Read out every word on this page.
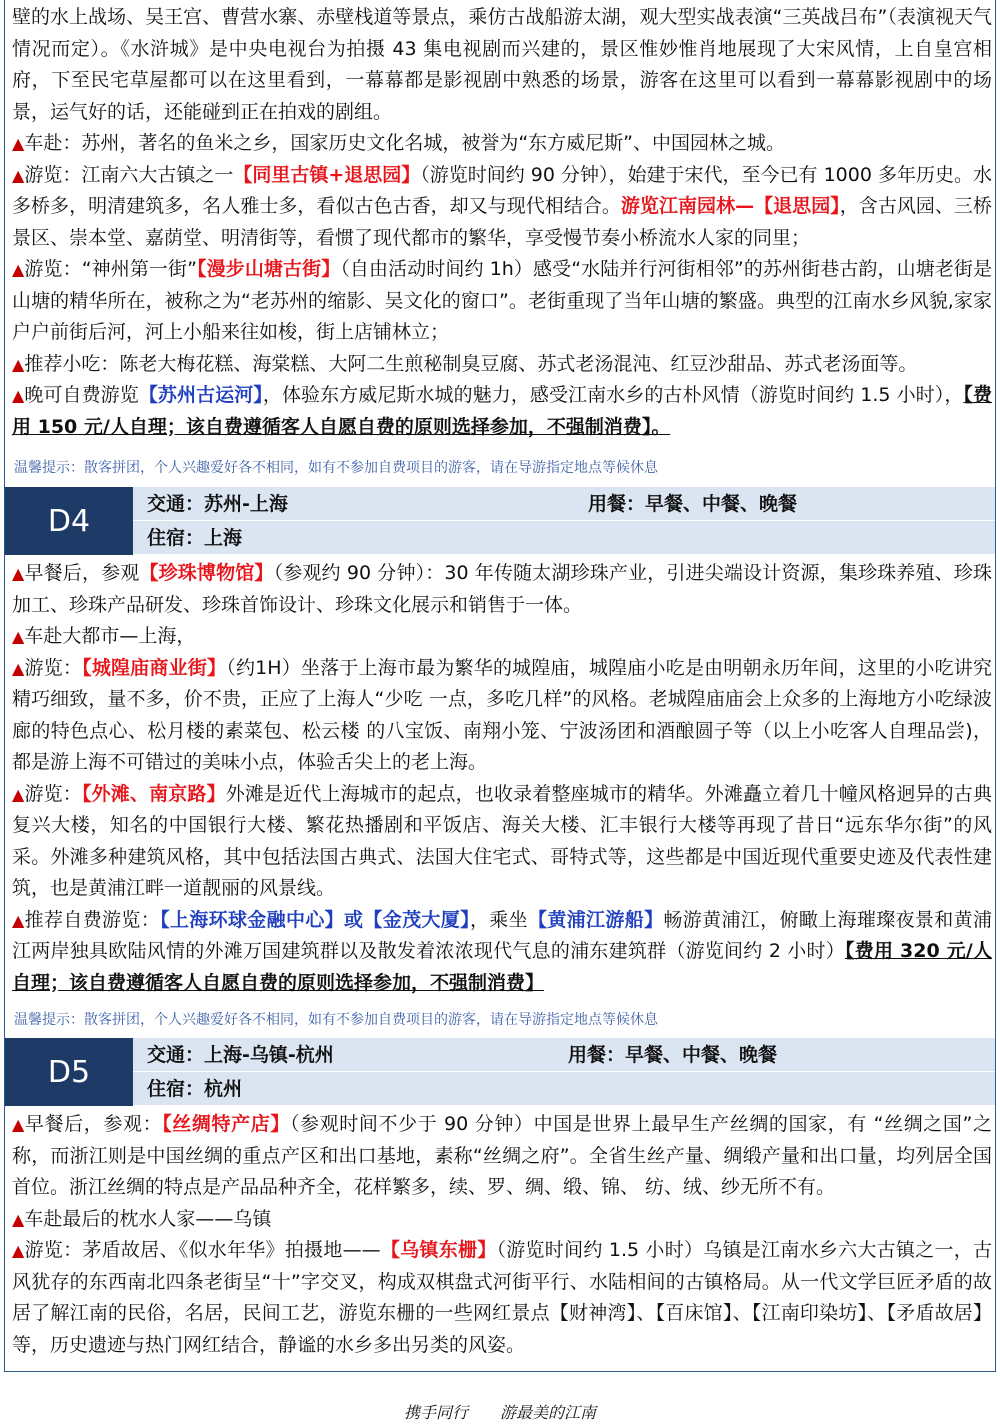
壁的水上战场、吴王宫、曹营水寨、赤壁栈道等景点，乘仿古战船游太湖，观大型实战表演“三英战吕布”（表演视天气情况而定）。《水浒城》是中央电视台为拍摄 43 集电视剧而兴建的，景区惟妙惟肖地展现了大宋风情，上自皇宫相府，下至民宅草屋都可以在这里看到，一幕幕都是影视剧中熟悉的场景，游客在这里可以看到一幕幕影视剧中的场景，运气好的话，还能碰到正在拍戏的剧组。

▲车赴：苏州，著名的鱼米之乡，国家历史文化名城，被誉为“东方威尼斯”、中国园林之城。

▲游览：江南六大古镇之一【同里古镇+退思园】（游览时间约 90 分钟），始建于宋代，至今已有 1000 多年历史。水多桥多，明清建筑多，名人雅士多，看似古色古香，却又与现代相结合。游览江南园林—【退思园】，含古风园、三桥景区、崇本堂、嘉荫堂、明清街等，看惯了现代都市的繁华，享受慢节奏小桥流水人家的同里；

▲游览：“神州第一街”【漫步山塘古街】（自由活动时间约 1h）感受“水陆并行河街相邻”的苏州街巷古韵，山塘老街是山塘的精华所在，被称之为“老苏州的缩影、吴文化的窗口”。老街重现了当年山塘的繁盛。典型的江南水乡风貌,家家户户前街后河，河上小船来往如梭，街上店铺林立；

▲推荐小吃：陈老大梅花糕、海棠糕、大阿二生煎秘制臭豆腐、苏式老汤混沌、红豆沙甜品、苏式老汤面等。

▲晚可自费游览【苏州古运河】，体验东方威尼斯水城的魅力，感受江南水乡的古朴风情（游览时间约 1.5 小时），【费用 150 元/人自理；该自费遵循客人自愿自费的原则选择参加，不强制消费】。

温馨提示：散客拼团，个人兴趣爱好各不相同，如有不参加自费项目的游客，请在导游指定地点等候休息
D4	交通：苏州-上海	用餐：早餐、中餐、晚餐
住宿：上海

▲早餐后，参观【珍珠博物馆】（参观约 90 分钟）：30 年传随太湖珍珠产业，引进尖端设计资源，集珍珠养殖、珍珠加工、珍珠产品研发、珍珠首饰设计、珍珠文化展示和销售于一体。

▲车赴大都市—上海，

▲游览：【城隍庙商业街】（约1H）坐落于上海市最为繁华的城隍庙，城隍庙小吃是由明朝永历年间，这里的小吃讲究精巧细致，量不多，价不贵，正应了上海人“少吃 一点，多吃几样”的风格。老城隍庙庙会上众多的上海地方小吃绿波廊的特色点心、松月楼的素菜包、松云楼 的八宝饭、南翔小笼、宁波汤团和酒酿圆子等（以上小吃客人自理品尝)，都是游上海不可错过的美味小点，体验舌尖上的老上海。

▲游览：【外滩、南京路】外滩是近代上海城市的起点，也收录着整座城市的精华。外滩矗立着几十幢风格迥异的古典复兴大楼，知名的中国银行大楼、繁花热播剧和平饭店、海关大楼、汇丰银行大楼等再现了昔日“远东华尔街”的风采。外滩多种建筑风格，其中包括法国古典式、法国大住宅式、哥特式等，这些都是中国近现代重要史迹及代表性建筑，也是黄浦江畔一道靓丽的风景线。

▲推荐自费游览：【上海环球金融中心】或【金茂大厦】，乘坐【黄浦江游船】畅游黄浦江，俯瞰上海璀璨夜景和黄浦江两岸独具欧陆风情的外滩万国建筑群以及散发着浓浓现代气息的浦东建筑群（游览间约 2 小时）【费用 320 元/人自理；该自费遵循客人自愿自费的原则选择参加，不强制消费】

温馨提示：散客拼团，个人兴趣爱好各不相同，如有不参加自费项目的游客，请在导游指定地点等候休息
D5	交通：上海-乌镇-杭州	用餐：早餐、中餐、晚餐
住宿：杭州

▲早餐后，参观：【丝绸特产店】（参观时间不少于 90 分钟）中国是世界上最早生产丝绸的国家，有 “丝绸之国”之称，而浙江则是中国丝绸的重点产区和出口基地，素称“丝绸之府”。全省生丝产量、绸缎产量和出口量，均列居全国首位。浙江丝绸的特点是产品品种齐全，花样繁多，续、罗、绸、缎、锦、 纺、绒、纱无所不有。

▲车赴最后的枕水人家——乌镇

▲游览：茅盾故居、《似水年华》拍摄地——【乌镇东栅】（游览时间约 1.5 小时）乌镇是江南水乡六大古镇之一，古风犹存的东西南北四条老街呈“十”字交叉，构成双棋盘式河街平行、水陆相间的古镇格局。从一代文学巨匠矛盾的故居了解江南的民俗，名居，民间工艺，游览东栅的一些网红景点【财神湾】、【百床馆】、【江南印染坊】、【矛盾故居】等，历史遗迹与热门网红结合，静谧的水乡多出另类的风姿。

携手同行　　游最美的江南
